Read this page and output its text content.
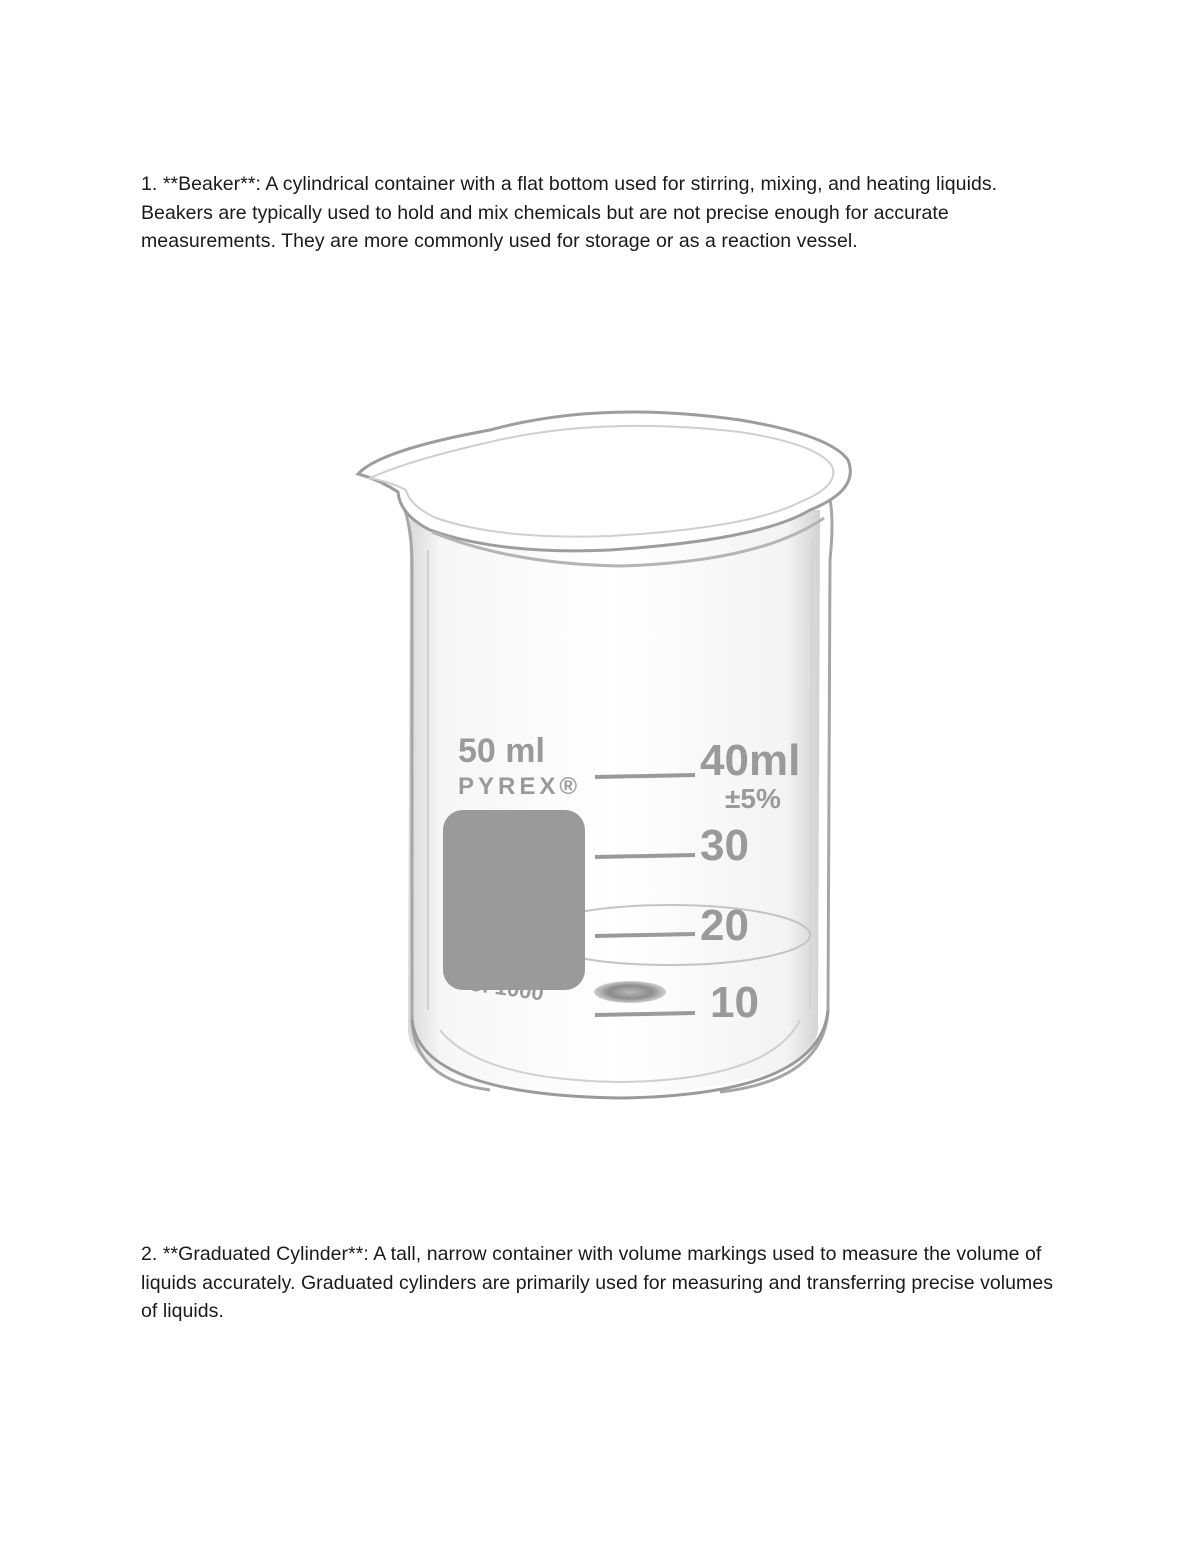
1. **Beaker**: A cylindrical container with a flat bottom used for stirring, mixing, and heating liquids. Beakers are typically used to hold and mix chemicals but are not precise enough for accurate measurements. They are more commonly used for storage or as a reaction vessel.

50 ml
PYREX®
No. 1000
40ml
±5%
30
20
10

2. **Graduated Cylinder**: A tall, narrow container with volume markings used to measure the volume of liquids accurately. Graduated cylinders are primarily used for measuring and transferring precise volumes of liquids.
